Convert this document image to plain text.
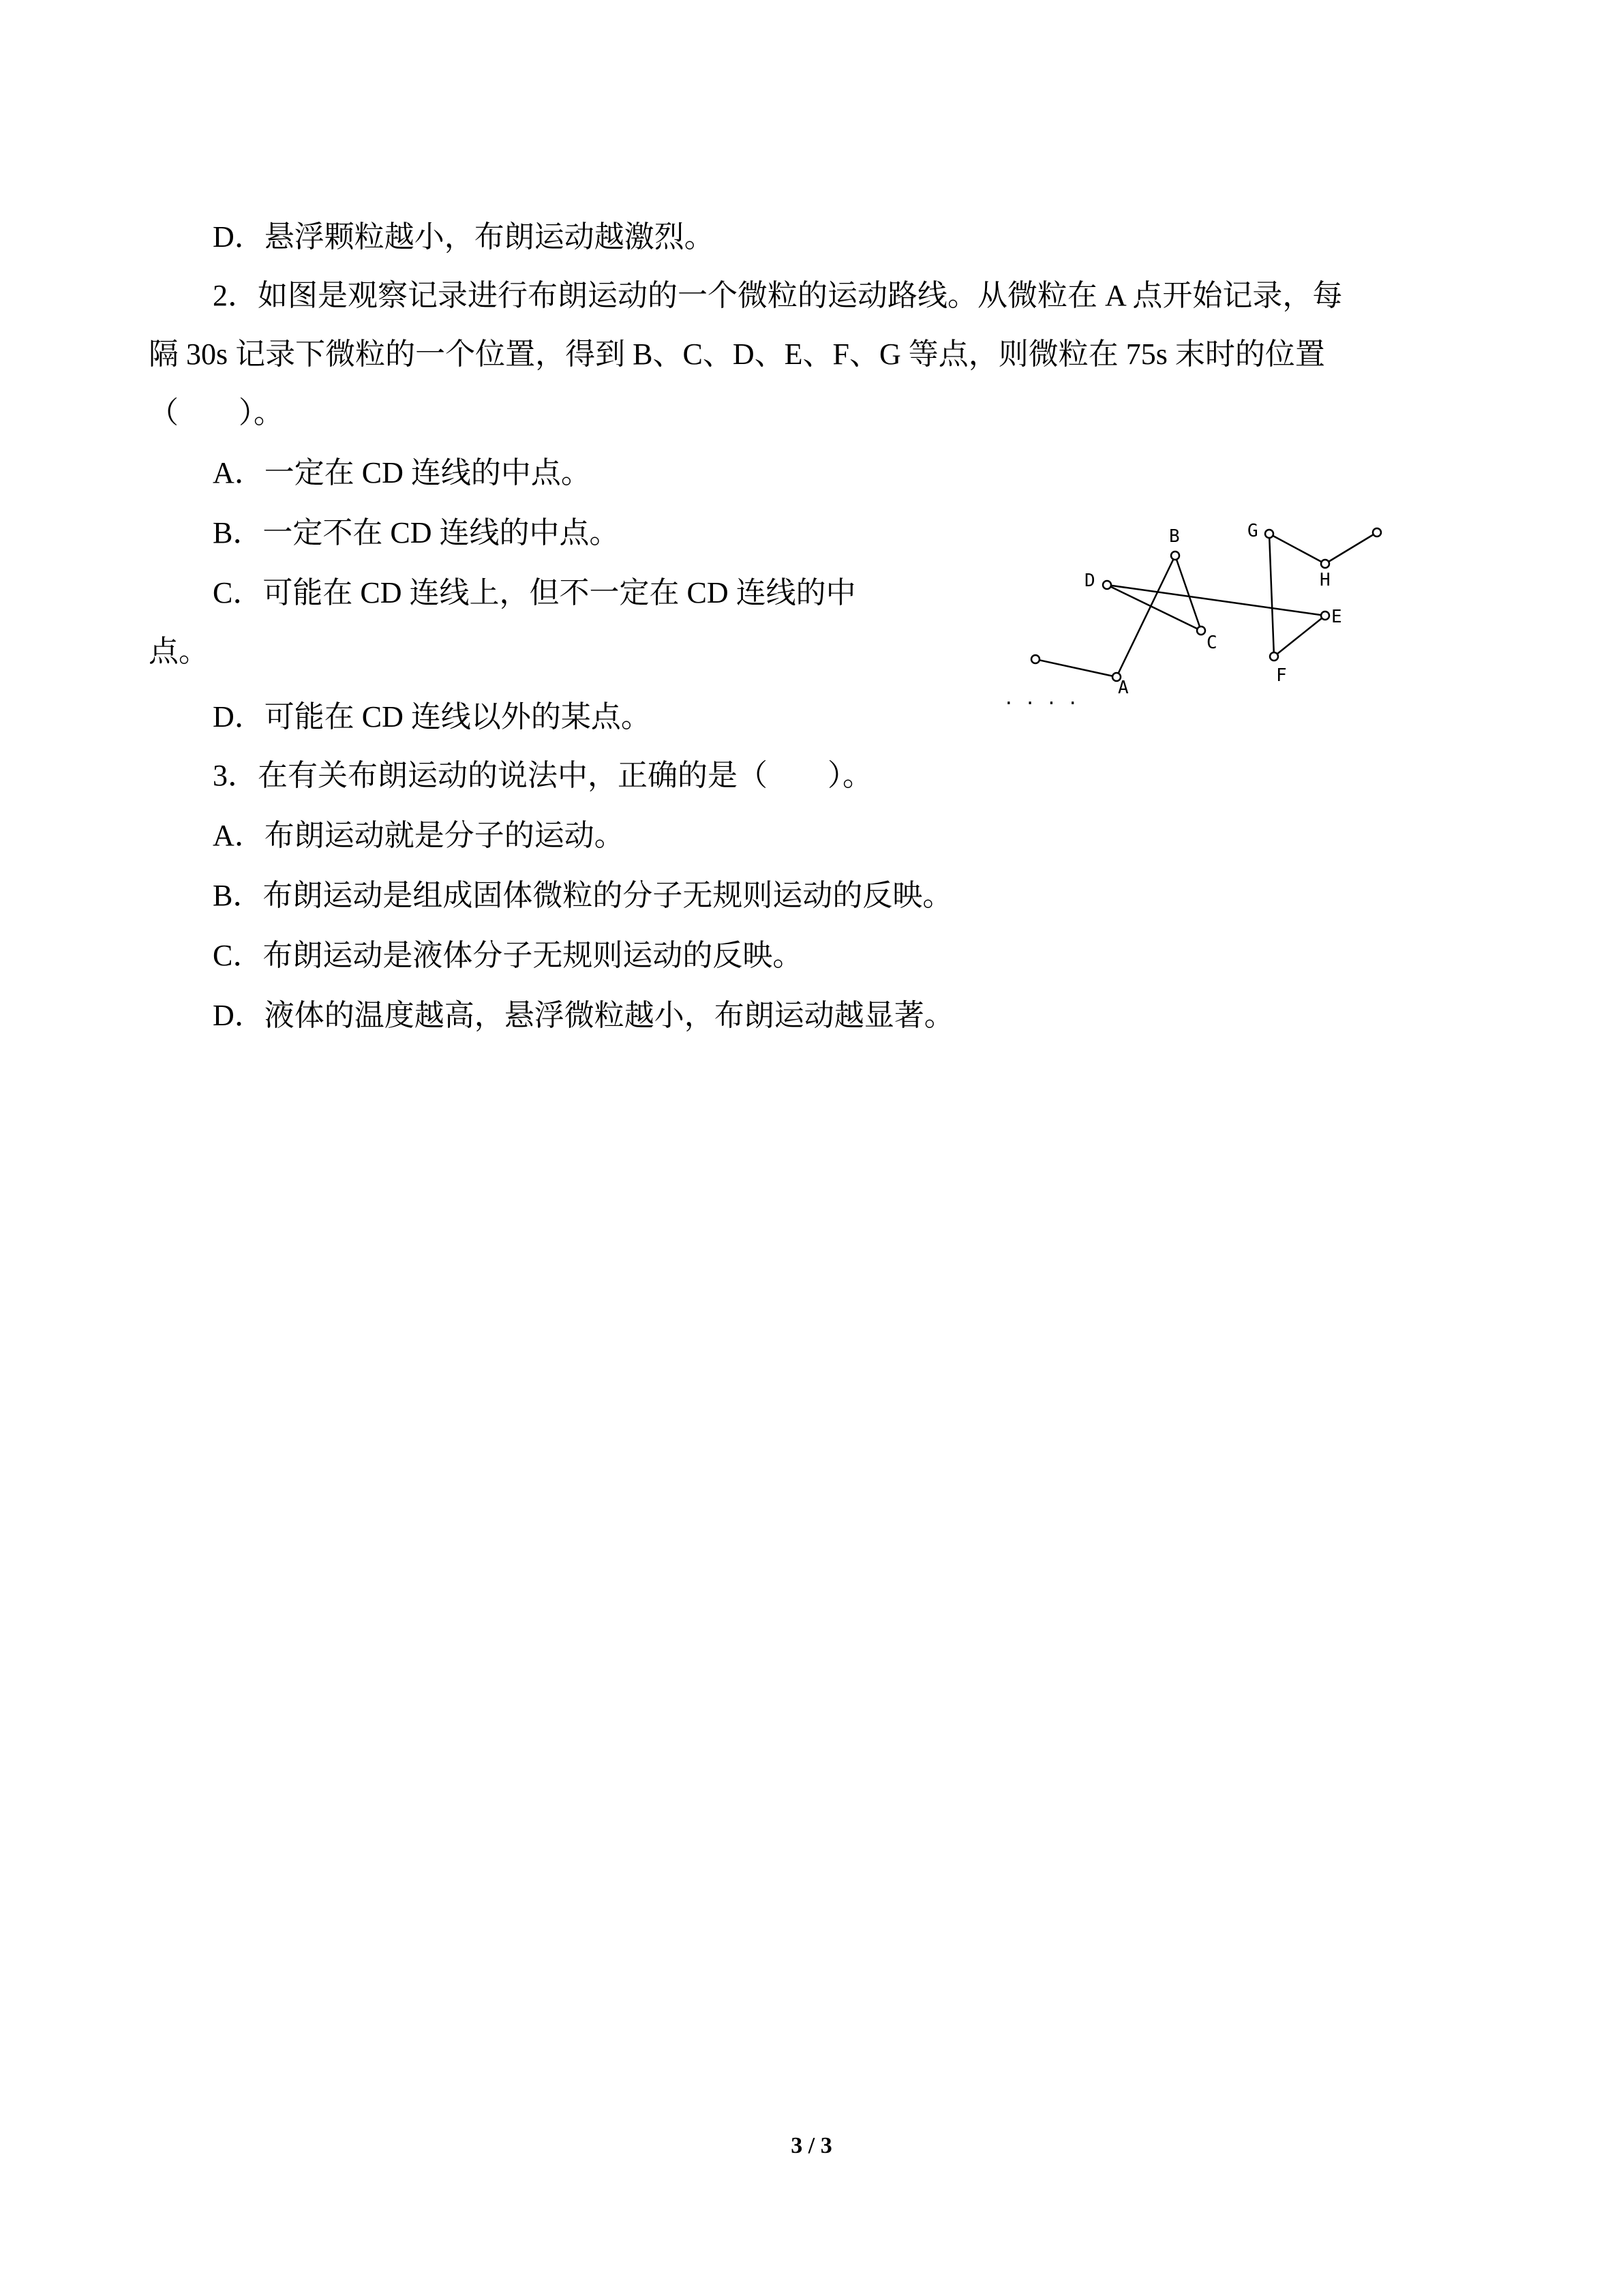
D．悬浮颗粒越小，布朗运动越激烈。
2．如图是观察记录进行布朗运动的一个微粒的运动路线。从微粒在 A 点开始记录，每
隔 30s 记录下微粒的一个位置，得到 B、C、D、E、F、G 等点，则微粒在 75s 末时的位置
（　　）。
A．一定在 CD 连线的中点。
B．一定不在 CD 连线的中点。
C．可能在 CD 连线上，但不一定在 CD 连线的中
点。
D．可能在 CD 连线以外的某点。
3．在有关布朗运动的说法中，正确的是（　　）。
A．布朗运动就是分子的运动。
B．布朗运动是组成固体微粒的分子无规则运动的反映。
C．布朗运动是液体分子无规则运动的反映。
D．液体的温度越高，悬浮微粒越小，布朗运动越显著。
A
B
C
D
E
F
G
H
. . . .
3 / 3
